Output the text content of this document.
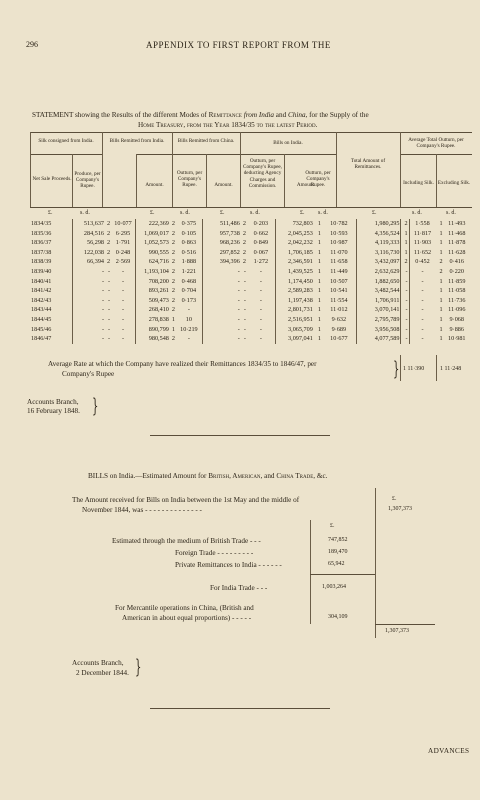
296	APPENDIX TO FIRST REPORT FROM THE
STATEMENT showing the Results of the different Modes of Remittance from India and China, for the Supply of the
Home Treasury, from the Year 1834/35 to the latest Period.
Silk consigned from India.	Bills Remitted from India.	Bills Remitted from China.	Bills on India.
Total Amount of Remittances.
Average Total Outturn, per Company's Rupee.
Net Sale Proceeds.
Produce, per Company's Rupee.	Amount.
Outturn, per Company's Rupee.	Amount.
Outturn, per Company's Rupee, deducting Agency Charges and Commission.	Amount.
Outturn, per Company's Rupee.	Including Silk. Excluding Silk.
£.	s. d.	£.	s. d.	£.	s. d.	£. s. d.	£.	s. d.	s. d.
1834/35		513,637	2	10·077	222,369	2	0·375	511,486	2	0·203	732,803	1	10·782	1,980,295	2	1·558	1	11·493
1835/36		284,516	2	6·295	1,069,017	2	0·105	957,738	2	0·662	2,045,253	1	10·593	4,356,524	1	11·817	1	11·468
1836/37		56,298	2	1·791	1,052,573	2	0·863	968,236	2	0·849	2,042,232	1	10·987	4,119,333	1	11·903	1	11·878
1837/38		122,038	2	0·248	990,555	2	0·516	297,852	2	0·067	1,706,185	1	11·070	3,116,730	1	11·652	1	11·628
1838/39		66,394	2	2·569	624,716	2	1·888	394,396	2	1·272	2,346,591	1	11·658	3,432,097	2	0·452	2	0·416
1839/40		-	-	-	1,193,104	2	1·221	-	-	-	1,439,525	1	11·449	2,632,629	-	-	2	0·220
1840/41		-	-	-	708,200	2	0·468	-	-	-	1,174,450	1	10·507	1,882,650	-	-	1	11·859
1841/42		-	-	-	893,261	2	0·704	-	-	-	2,589,283	1	10·541	3,482,544	-	-	1	11·058
1842/43		-	-	-	509,473	2	0·173	-	-	-	1,197,438	1	11·554	1,706,911	-	-	1	11·736
1843/44		-	-	-	268,410	2	-	-	-	-	2,801,731	1	11·012	3,070,141	-	-	1	11·096
1844/45		-	-	-	278,838	1	10	-	-	-	2,516,951	1	9·632	2,795,789	-	-	1	9·068
1845/46		-	-	-	890,799	1	10·219	-	-	-	3,065,709	1	9·689	3,956,508	-	-	1	9·886
1846/47		-	-	-	980,548	2	-	-	-	-	3,097,041	1	10·677	4,077,589	-	-	1	10·981
Average Rate at which the Company have realized their Remittances 1834/35 to 1846/47, per
Company's Rupee	} 1 11·390	1 11·248
Accounts Branch,
16 February 1848. }
BILLS on India.—Estimated Amount for British, American, and China Trade, &c.
The Amount received for Bills on India between the 1st May and the middle of
November 1844, was - - - - - - - - - - - - - -
£.
1,307,373
£.
Estimated through the medium of British Trade - - -	747,852
Foreign Trade - - - - - - - - -	189,470
Private Remittances to India - - - - - -	65,942
For India Trade - - -	1,003,264
For Mercantile operations in China, (British and
American in about equal proportions) - - - - -	304,109
1,307,373
Accounts Branch,
2 December 1844. }
ADVANCES
